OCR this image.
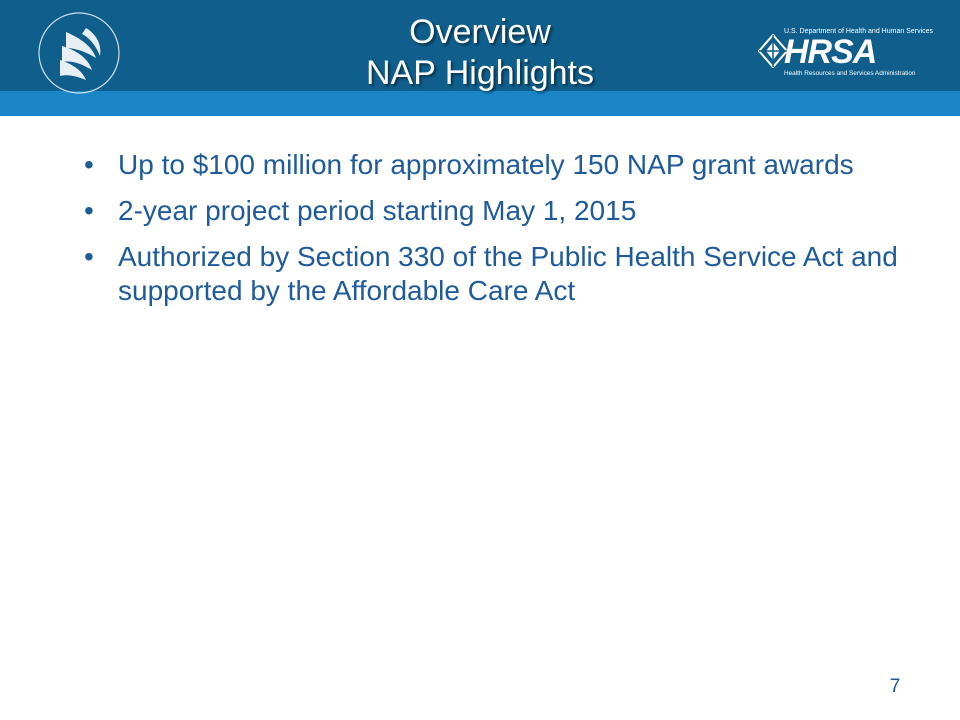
Overview
NAP Highlights
U.S. Department of Health and Human Services
HRSA
Health Resources and Services Administration
• Up to $100 million for approximately 150 NAP grant awards
• 2-year project period starting May 1, 2015
• Authorized by Section 330 of the Public Health Service Act and supported by the Affordable Care Act
7
